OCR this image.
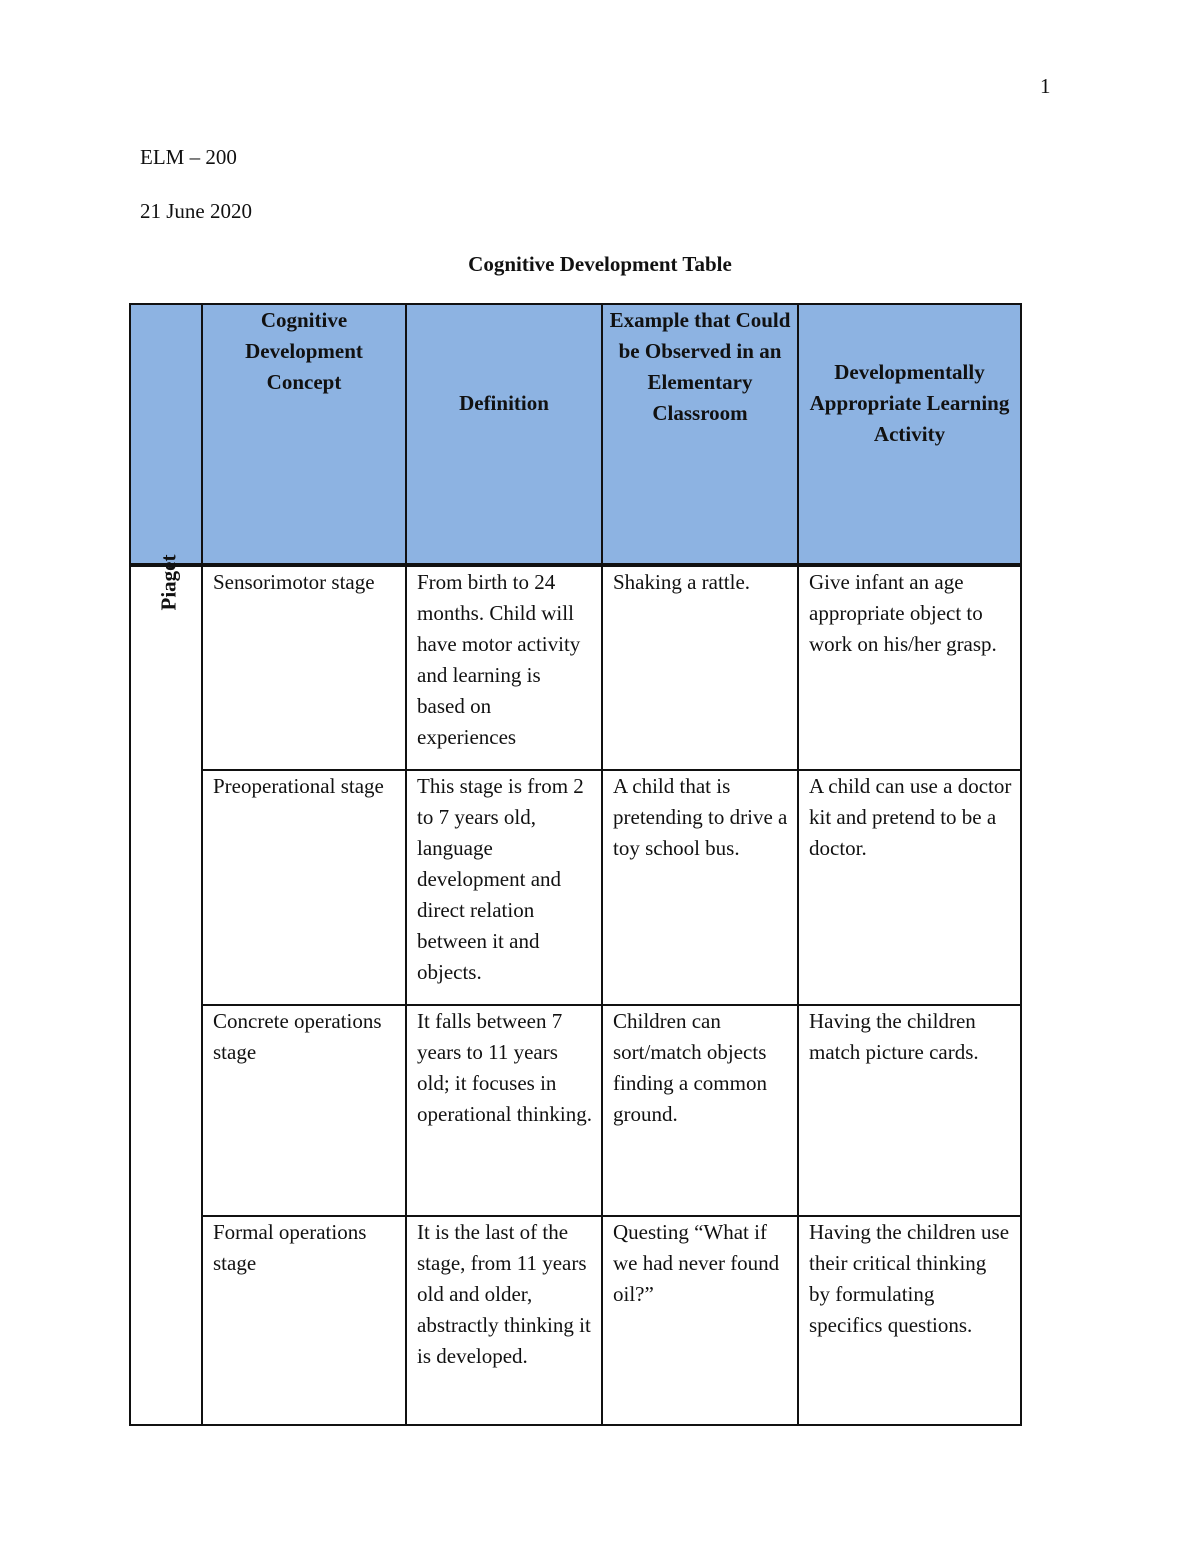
1
ELM – 200
21 June 2020
Cognitive Development Table
	Cognitive Development Concept	Definition	Example that Could be Observed in an Elementary Classroom	Developmentally Appropriate Learning Activity
Piaget	Sensorimotor stage	From birth to 24 months. Child will have motor activity and learning is based on experiences	Shaking a rattle.	Give infant an age appropriate object to work on his/her grasp.
	Preoperational stage	This stage is from 2 to 7 years old, language development and direct relation between it and objects.	A child that is pretending to drive a toy school bus.	A child can use a doctor kit and pretend to be a doctor.
	Concrete operations stage	It falls between 7 years to 11 years old; it focuses in operational thinking.	Children can sort/match objects finding a common ground.	Having the children match picture cards.
	Formal operations stage	It is the last of the stage, from 11 years old and older, abstractly thinking it is developed.	Questing “What if we had never found oil?”	Having the children use their critical thinking by formulating specifics questions.
